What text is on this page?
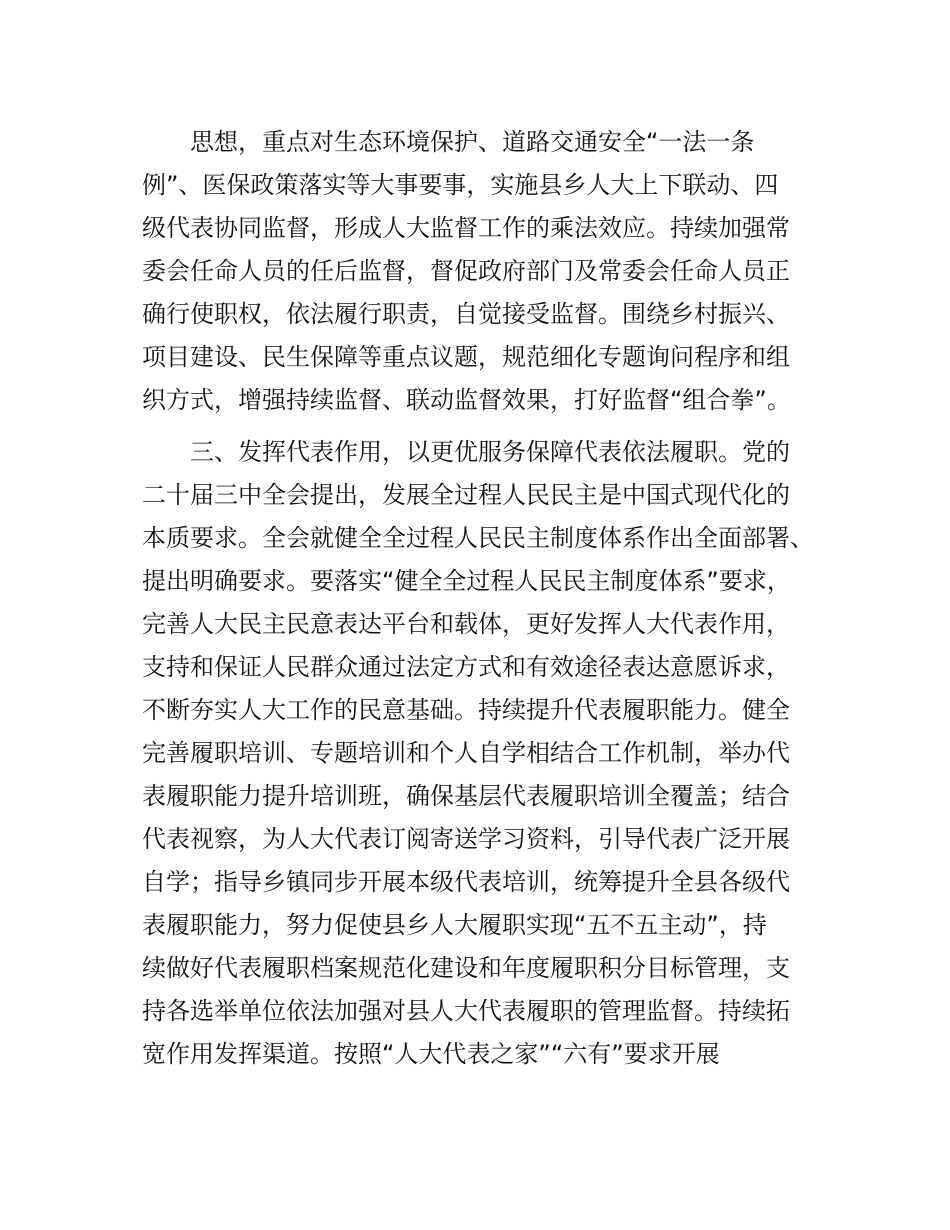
思想，重点对生态环境保护、道路交通安全“一法一条

例”、医保政策落实等大事要事，实施县乡人大上下联动、四

级代表协同监督，形成人大监督工作的乘法效应。持续加强常

委会任命人员的任后监督，督促政府部门及常委会任命人员正

确行使职权，依法履行职责，自觉接受监督。围绕乡村振兴、

项目建设、民生保障等重点议题，规范细化专题询问程序和组

织方式，增强持续监督、联动监督效果，打好监督“组合拳”。

三、发挥代表作用，以更优服务保障代表依法履职。党的

二十届三中全会提出，发展全过程人民民主是中国式现代化的

本质要求。全会就健全全过程人民民主制度体系作出全面部署、

提出明确要求。要落实“健全全过程人民民主制度体系”要求，

完善人大民主民意表达平台和载体，更好发挥人大代表作用，

支持和保证人民群众通过法定方式和有效途径表达意愿诉求，

不断夯实人大工作的民意基础。持续提升代表履职能力。健全

完善履职培训、专题培训和个人自学相结合工作机制，举办代

表履职能力提升培训班，确保基层代表履职培训全覆盖；结合

代表视察，为人大代表订阅寄送学习资料，引导代表广泛开展

自学；指导乡镇同步开展本级代表培训，统筹提升全县各级代

表履职能力，努力促使县乡人大履职实现“五不五主动”，持

续做好代表履职档案规范化建设和年度履职积分目标管理，支

持各选举单位依法加强对县人大代表履职的管理监督。持续拓

宽作用发挥渠道。按照“人大代表之家”“六有”要求开展
